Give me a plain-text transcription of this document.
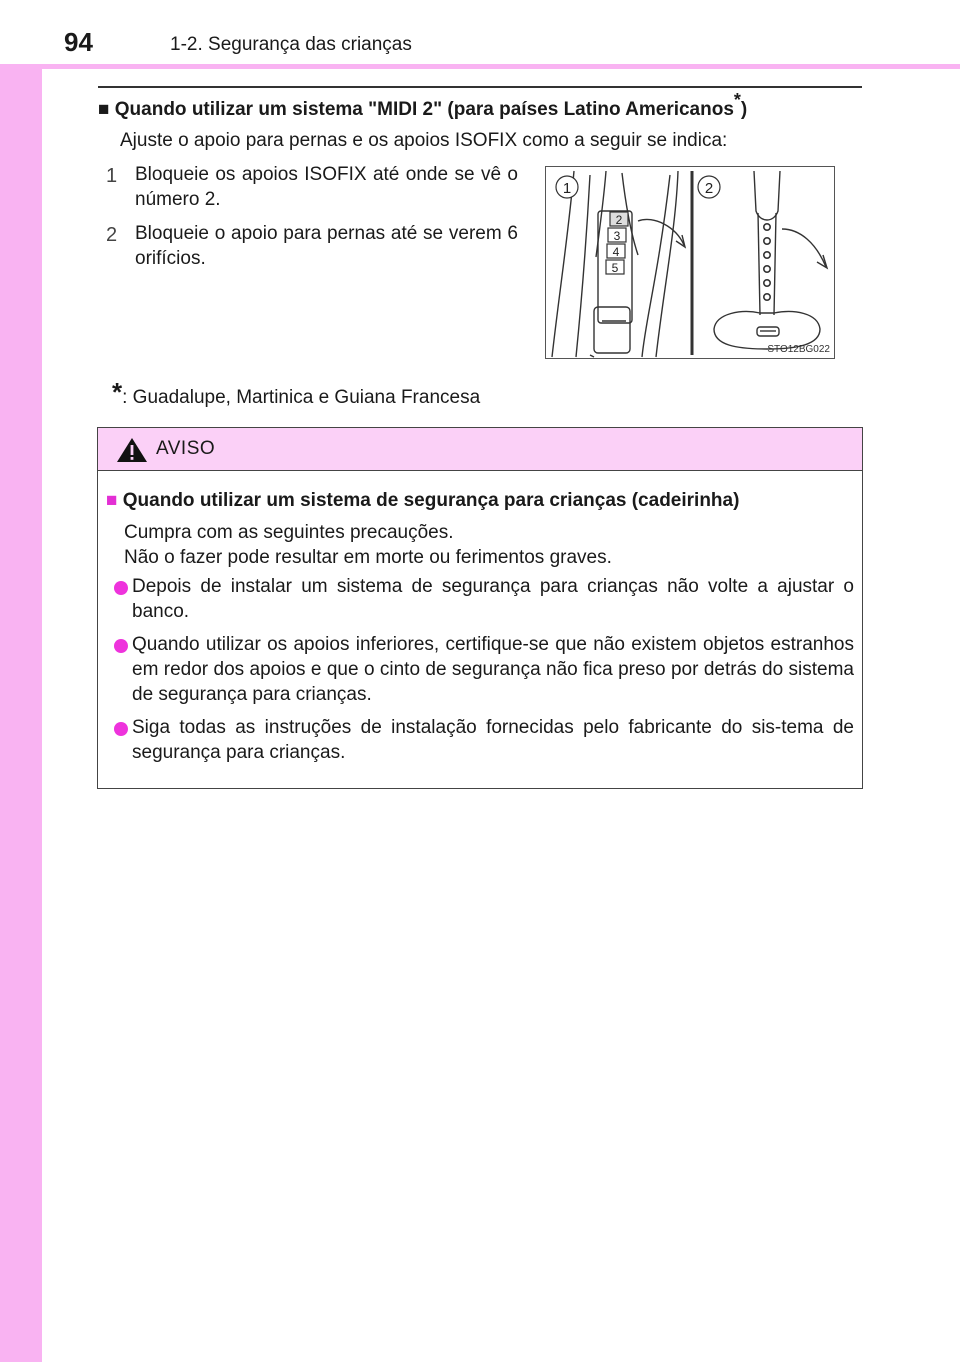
94	1-2. Segurança das crianças
■ Quando utilizar um sistema "MIDI 2" (para países Latino Americanos*)
Ajuste o apoio para pernas e os apoios ISOFIX como a seguir se indica:
1 Bloqueie os apoios ISOFIX até onde se vê o número 2.
2 Bloqueie o apoio para pernas até se verem 6 orifícios.
2
3
4
5
1	2
STO12BG022
*: Guadalupe, Martinica e Guiana Francesa
AVISO
■ Quando utilizar um sistema de segurança para crianças (cadeirinha)
Cumpra com as seguintes precauções.
Não o fazer pode resultar em morte ou ferimentos graves.
Depois de instalar um sistema de segurança para crianças não volte a ajustar o banco.
Quando utilizar os apoios inferiores, certifique-se que não existem objetos estranhos em redor dos apoios e que o cinto de segurança não fica preso por detrás do sistema de segurança para crianças.
Siga todas as instruções de instalação fornecidas pelo fabricante do sis-tema de segurança para crianças.
